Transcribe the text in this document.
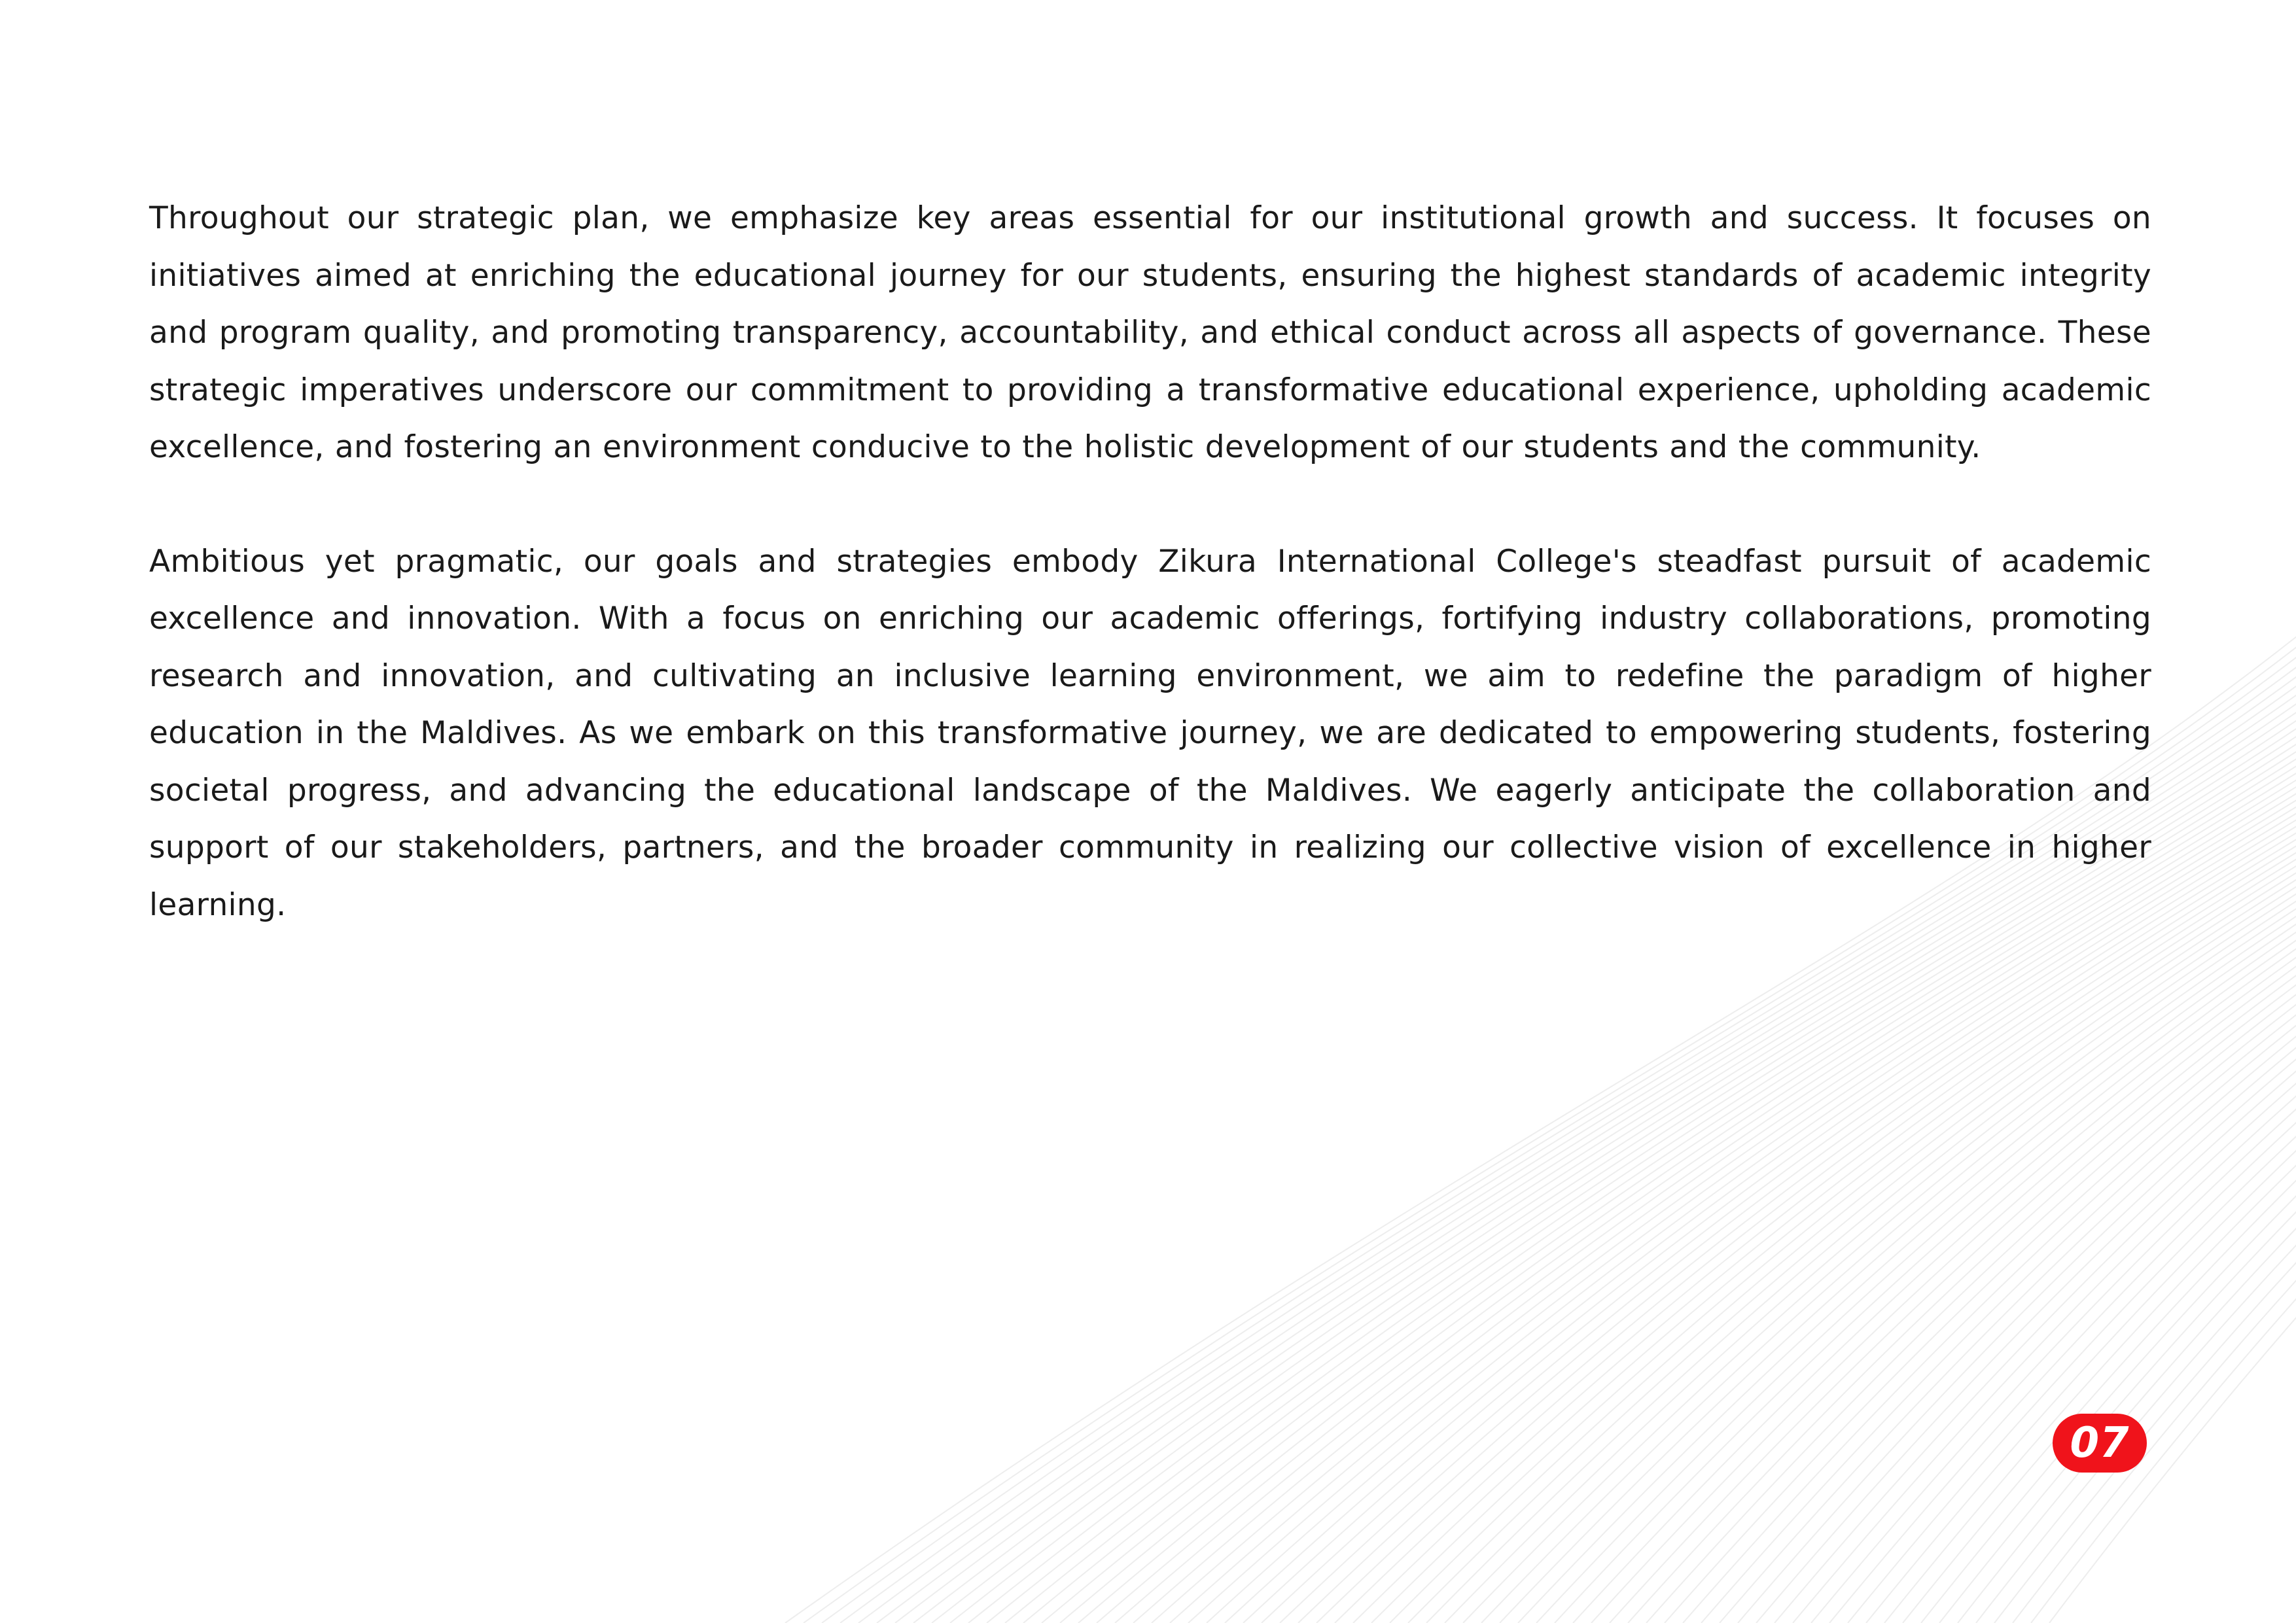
Throughout our strategic plan, we emphasize key areas essential for our institutional growth and success. It focuses on initiatives aimed at enriching the educational journey for our students, ensuring the highest standards of academic integrity and program quality, and promoting transparency, accountability, and ethical conduct across all aspects of governance. These strategic imperatives underscore our commitment to providing a transformative educational experience, upholding academic excellence, and fostering an environment conducive to the holistic development of our students and the community.

Ambitious yet pragmatic, our goals and strategies embody Zikura International College's steadfast pursuit of academic excellence and innovation. With a focus on enriching our academic offerings, fortifying industry collaborations, promoting research and innovation, and cultivating an inclusive learning environment, we aim to redefine the paradigm of higher education in the Maldives. As we embark on this transformative journey, we are dedicated to empowering students, fostering societal progress, and advancing the educational landscape of the Maldives. We eagerly anticipate the collaboration and support of our stakeholders, partners, and the broader community in realizing our collective vision of excellence in higher learning.

07
